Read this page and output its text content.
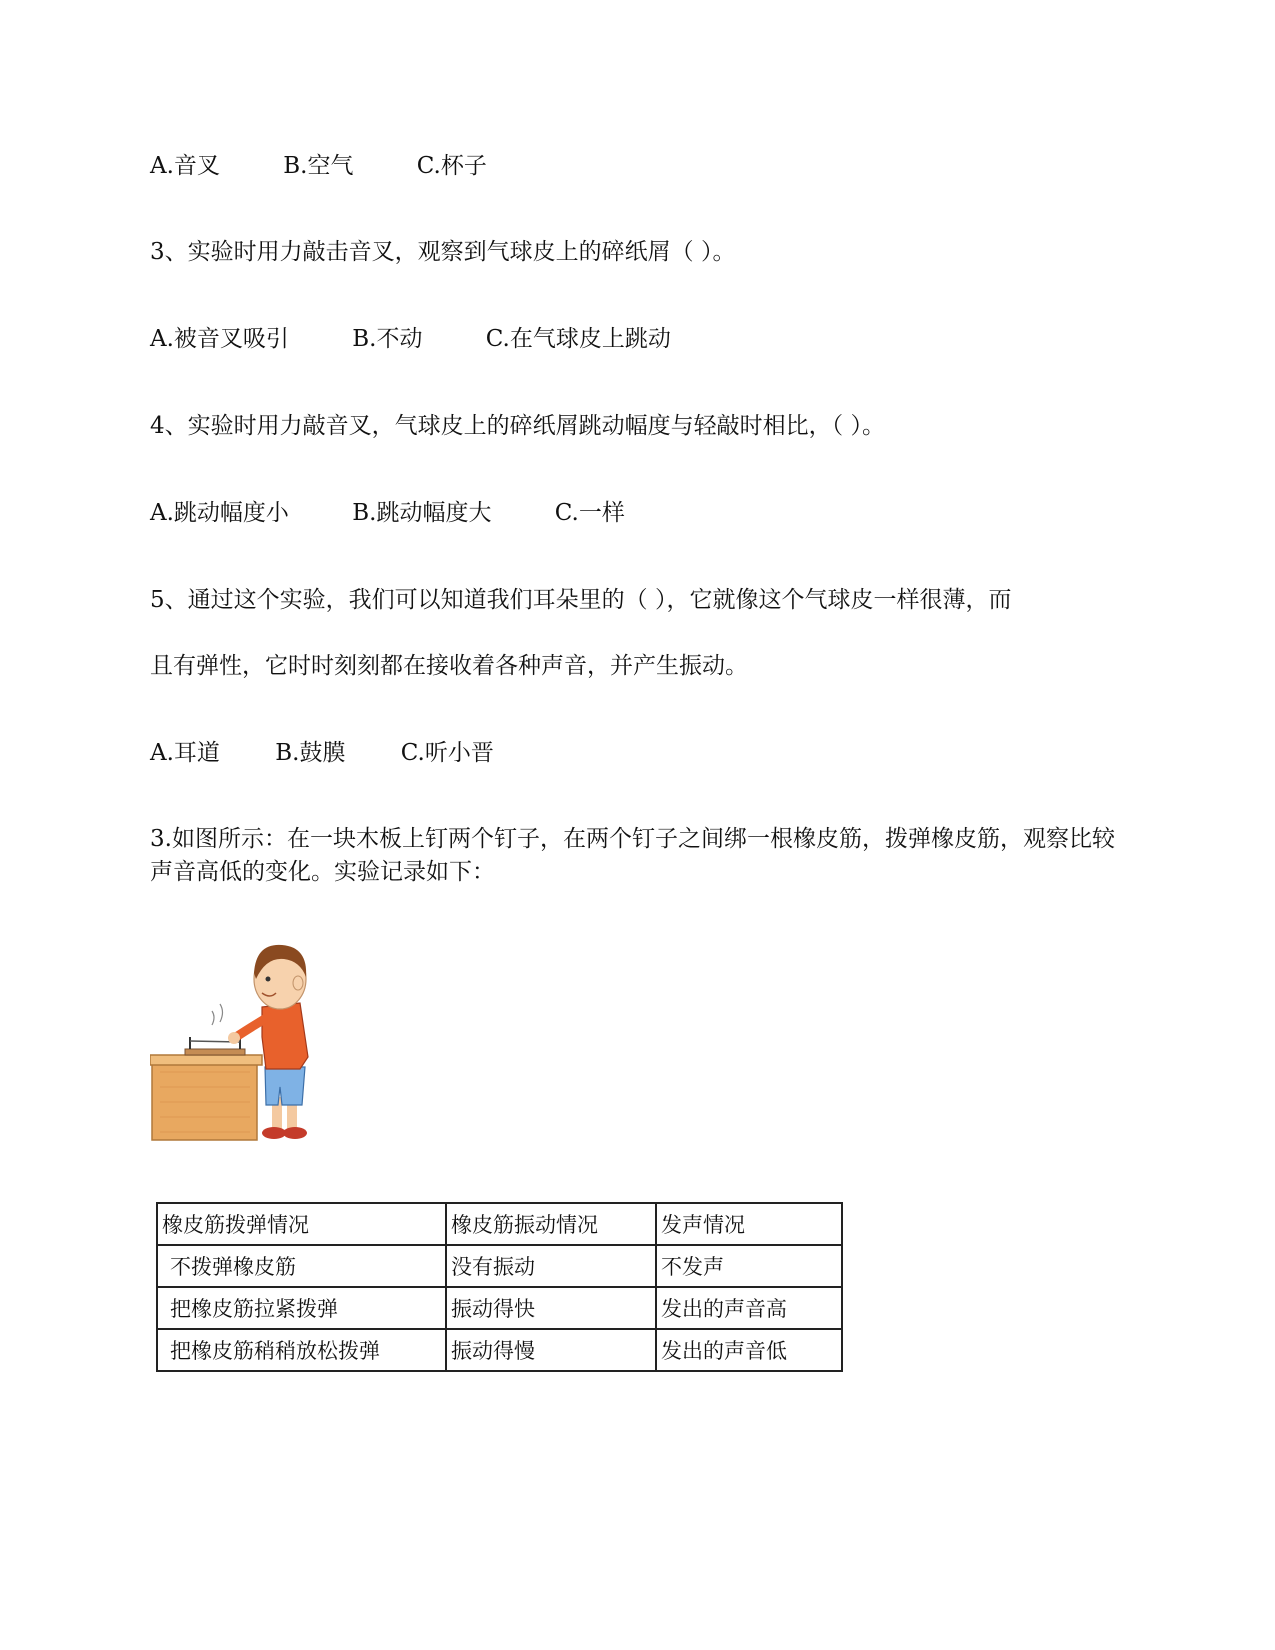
A.音叉	B.空气	C.杯子
3、实验时用力敲击音叉，观察到气球皮上的碎纸屑（ ）。
A.被音叉吸引	B.不动	C.在气球皮上跳动
4、实验时用力敲音叉，气球皮上的碎纸屑跳动幅度与轻敲时相比，（ ）。
A.跳动幅度小	B.跳动幅度大	C.一样
5、通过这个实验，我们可以知道我们耳朵里的（ ），它就像这个气球皮一样很薄，而
且有弹性，它时时刻刻都在接收着各种声音，并产生振动。
A.耳道 B.鼓膜 C.听小晋
3.如图所示：在一块木板上钉两个钉子，在两个钉子之间绑一根橡皮筋，拨弹橡皮筋，观察比较声音高低的变化。实验记录如下：
橡皮筋拨弹情况	橡皮筋振动情况	发声情况
不拨弹橡皮筋	没有振动	不发声
把橡皮筋拉紧拨弹	振动得快	发出的声音高
把橡皮筋稍稍放松拨弹	振动得慢	发出的声音低
